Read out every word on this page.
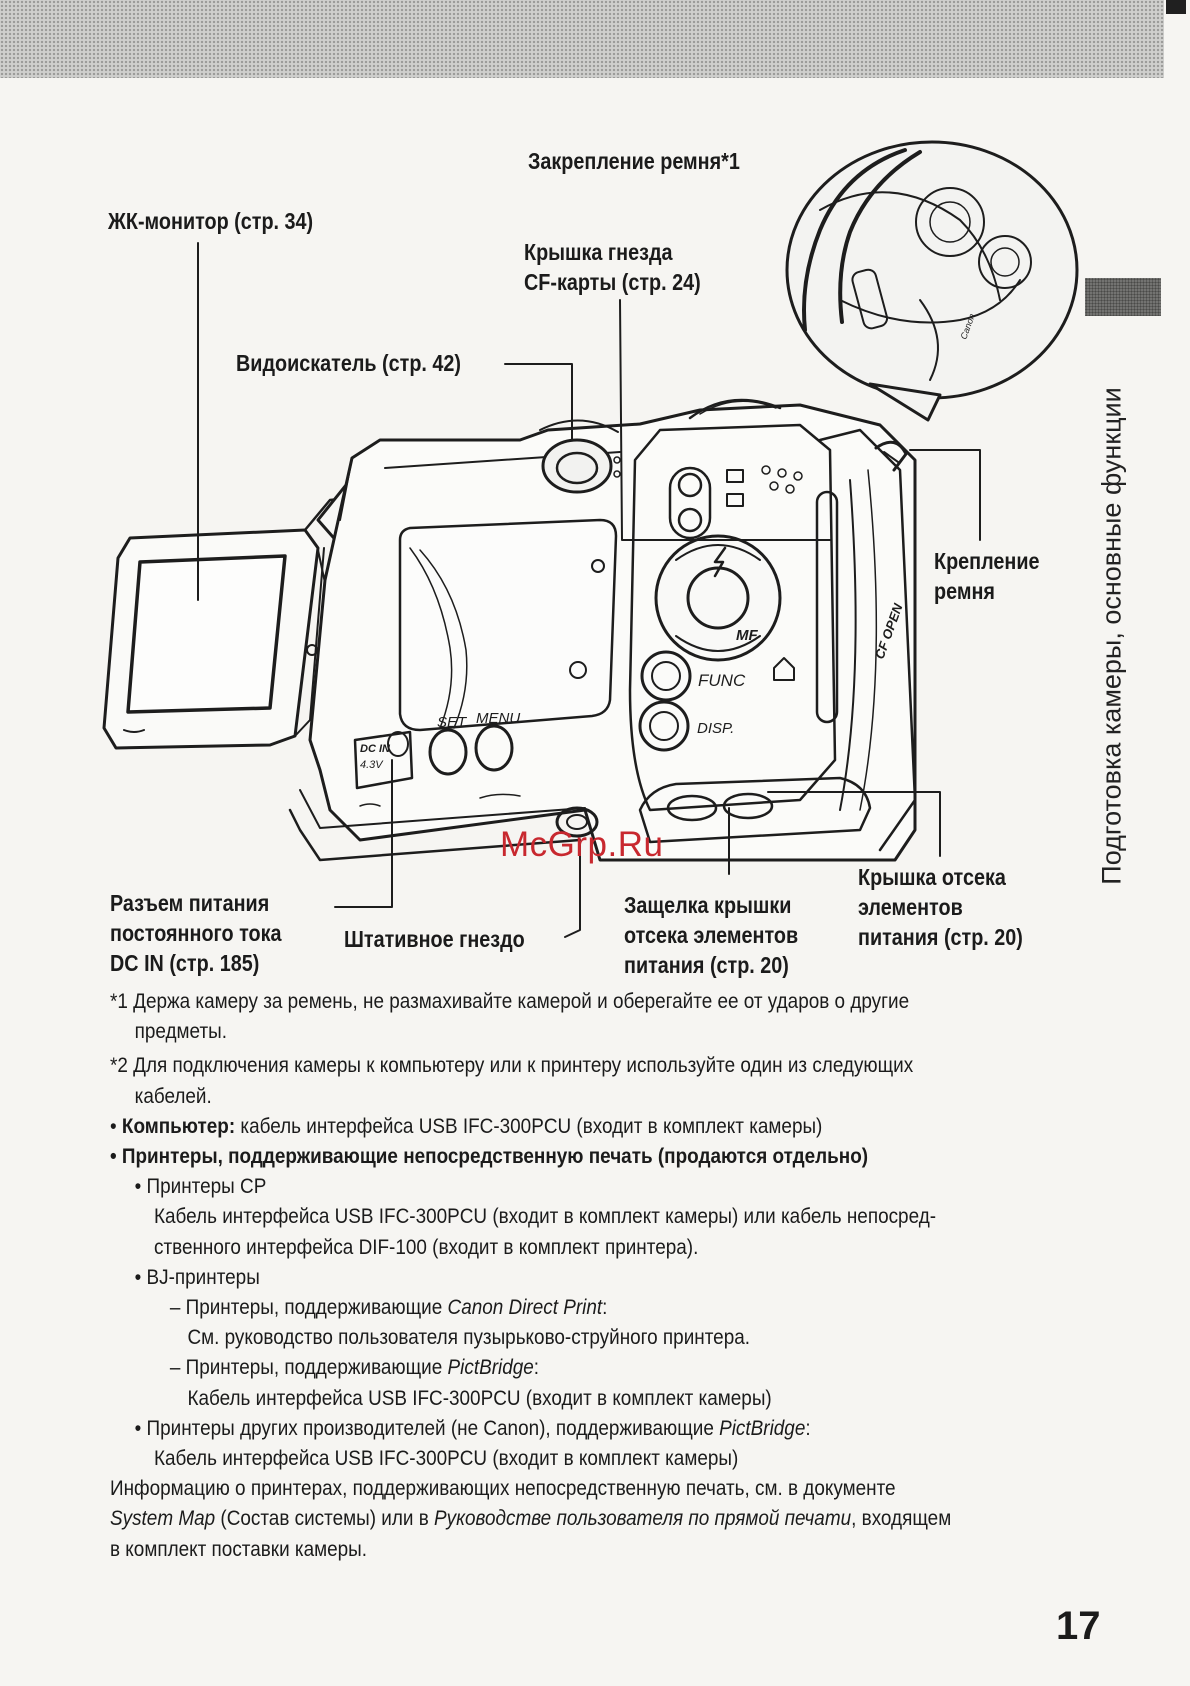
Подготовка камеры, основные функции
SET MENU
FUNC
DISP.
MF
DC IN
4.3V
CF OPEN
Canon
Закрепление ремня*1
ЖК-монитор (стр. 34)
Крышка гнезда
CF-карты (стр. 24)
Видоискатель (стр. 42)
Крепление
ремня
Разъем питания
постоянного тока
DC IN (стр. 185)
Штативное гнездо
Защелка крышки
отсека элементов
питания (стр. 20)
Крышка отсека
элементов
питания (стр. 20)
McGrp.Ru
*1 Держа камеру за ремень, не размахивайте камерой и оберегайте ее от ударов о другие
предметы.
*2 Для подключения камеры к компьютеру или к принтеру используйте один из следующих
кабелей.
• Компьютер: кабель интерфейса USB IFC-300PCU (входит в комплект камеры)
• Принтеры, поддерживающие непосредственную печать (продаются отдельно)
• Принтеры CP
Кабель интерфейса USB IFC-300PCU (входит в комплект камеры) или кабель непосред-
ственного интерфейса DIF-100 (входит в комплект принтера).
• BJ-принтеры
– Принтеры, поддерживающие Canon Direct Print:
См. руководство пользователя пузырьково-струйного принтера.
– Принтеры, поддерживающие PictBridge:
Кабель интерфейса USB IFC-300PCU (входит в комплект камеры)
• Принтеры других производителей (не Canon), поддерживающие PictBridge:
Кабель интерфейса USB IFC-300PCU (входит в комплект камеры)
Информацию о принтерах, поддерживающих непосредственную печать, см. в документе
System Map (Состав системы) или в Руководстве пользователя по прямой печати, входящем
в комплект поставки камеры.
17
